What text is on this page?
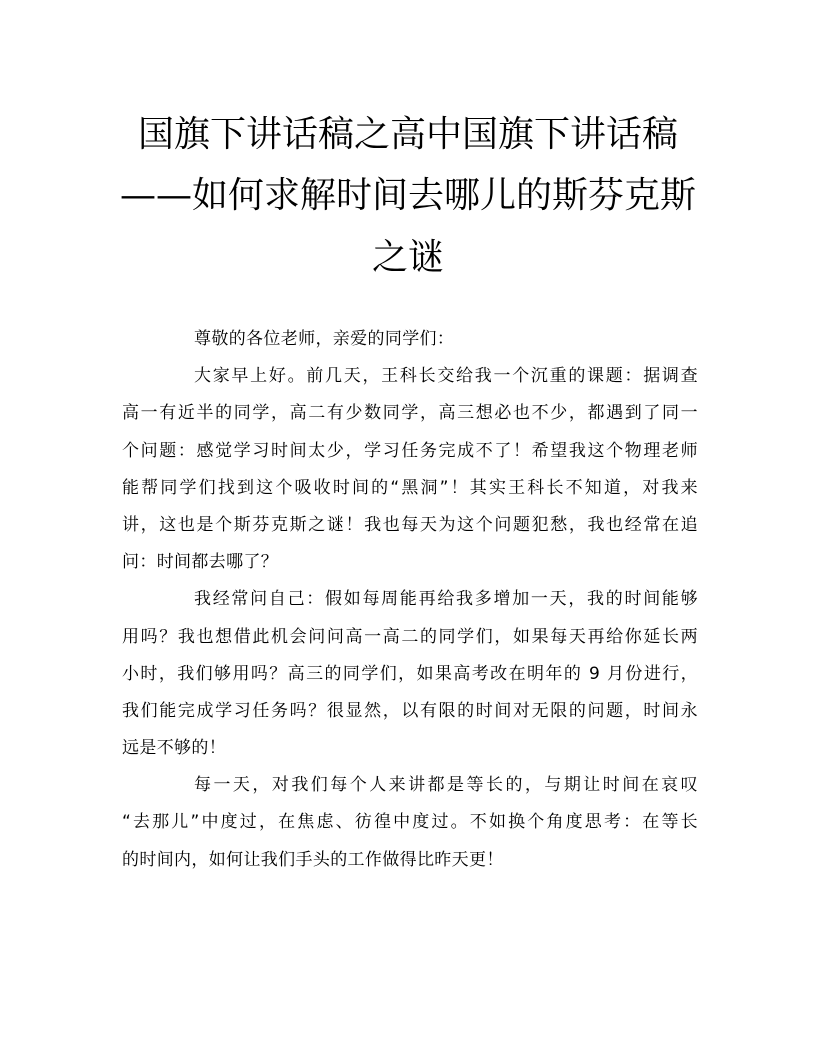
国旗下讲话稿之高中国旗下讲话稿
——如何求解时间去哪儿的斯芬克斯
之谜
尊敬的各位老师，亲爱的同学们：
大家早上好。前几天，王科长交给我一个沉重的课题：据调查
高一有近半的同学，高二有少数同学，高三想必也不少，都遇到了同一
个问题：感觉学习时间太少，学习任务完成不了！希望我这个物理老师
能帮同学们找到这个吸收时间的“黑洞”！其实王科长不知道，对我来
讲，这也是个斯芬克斯之谜！我也每天为这个问题犯愁，我也经常在追
问：时间都去哪了？
我经常问自己：假如每周能再给我多增加一天，我的时间能够
用吗？我也想借此机会问问高一高二的同学们，如果每天再给你延长两
小时，我们够用吗？高三的同学们，如果高考改在明年的 9 月份进行，
我们能完成学习任务吗？很显然，以有限的时间对无限的问题，时间永
远是不够的！
每一天，对我们每个人来讲都是等长的，与期让时间在哀叹
“去那儿”中度过，在焦虑、彷徨中度过。不如换个角度思考：在等长
的时间内，如何让我们手头的工作做得比昨天更！
